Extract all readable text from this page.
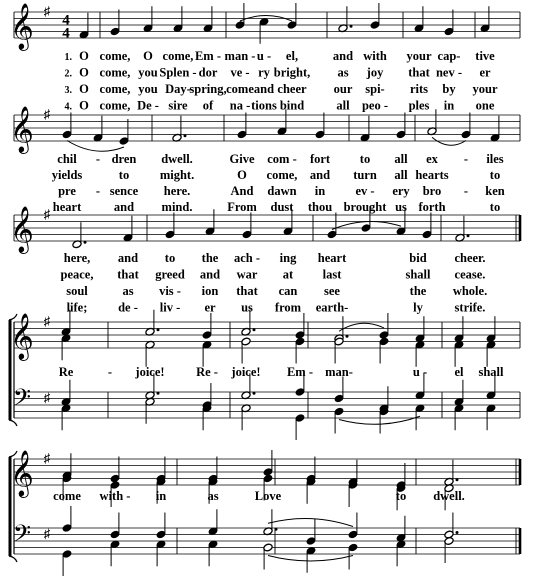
𝄞 ♯
4
4
1.
2.
3.
4.
O come, O come, Em - man - u - el,	and with your cap- tive
O come, you Splen - dor ve - ry bright, as joy that nev - er
O come, you Day-
spring, come and cheer our spi- rits by your
O come, De - sire of na - tions bind	all peo - ples in one
𝄞 ♯
chil - dren dwell.	Give com - fort to all ex - iles
yields	to might.	O come, and turn all hearts	to
pre - sence here.	And dawn in ev - ery bro - ken
heart	and mind.	From dust thou brought us forth	to
𝄞 ♯
here, and to the ach - ing heart	bid cheer.
peace, that greed and war at last	shall cease.
soul	as vis - ion that can see	the whole.
life; de - liv - er us from earth-	ly	strife.
𝄞
𝄢
♯
♯
Re	- joice!	Re - joice! Em - man-	u - el shall
𝄞
𝄢
♯
♯
come with - in	as	Love	to dwell.
